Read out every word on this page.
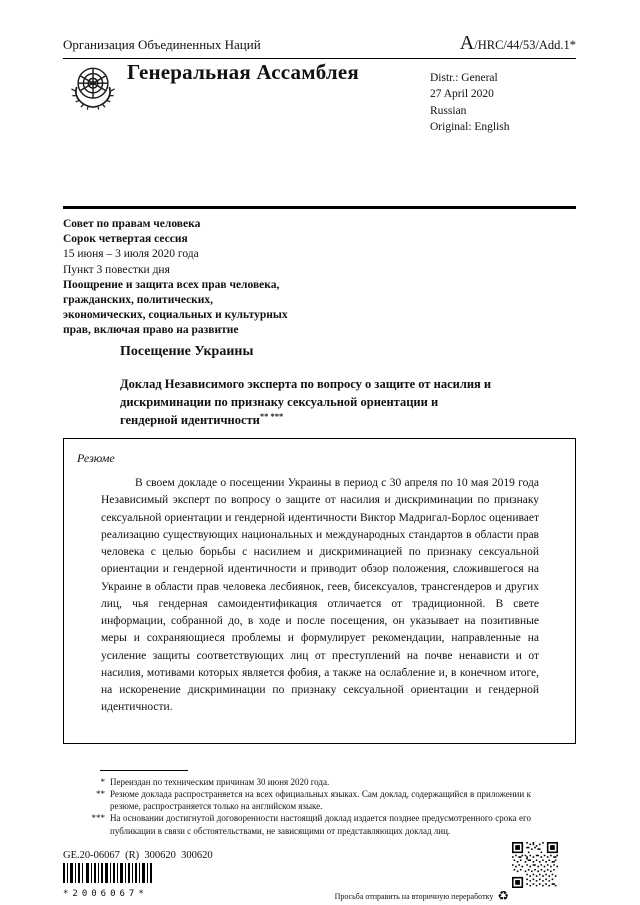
Организация Объединенных Наций	A/HRC/44/53/Add.1*
Генеральная Ассамблея	Distr.: General
27 April 2020
Russian
Original: English
Совет по правам человека
Сорок четвертая сессия
15 июня – 3 июля 2020 года
Пункт 3 повестки дня
Поощрение и защита всех прав человека, гражданских, политических, экономических, социальных и культурных прав, включая право на развитие
Посещение Украины
Доклад Независимого эксперта по вопросу о защите от насилия и дискриминации по признаку сексуальной ориентации и гендерной идентичности** ***
Резюме

В своем докладе о посещении Украины в период с 30 апреля по 10 мая 2019 года Независимый эксперт по вопросу о защите от насилия и дискриминации по признаку сексуальной ориентации и гендерной идентичности Виктор Мадригал-Борлос оценивает реализацию существующих национальных и международных стандартов в области прав человека с целью борьбы с насилием и дискриминацией по признаку сексуальной ориентации и гендерной идентичности и приводит обзор положения, сложившегося на Украине в области прав человека лесбиянок, геев, бисексуалов, трансгендеров и других лиц, чья гендерная самоидентификация отличается от традиционной. В свете информации, собранной до, в ходе и после посещения, он указывает на позитивные меры и сохраняющиеся проблемы и формулирует рекомендации, направленные на усиление защиты соответствующих лиц от преступлений на почве ненависти и от насилия, мотивами которых является фобия, а также на ослабление и, в конечном итоге, на искоренение дискриминации по признаку сексуальной ориентации и гендерной идентичности.

* Переиздан по техническим причинам 30 июня 2020 года.
** Резюме доклада распространяется на всех официальных языках. Сам доклад, содержащийся в приложении к резюме, распространяется только на английском языке.
*** На основании достигнутой договоренности настоящий доклад издается позднее предусмотренного срока его публикации в связи с обстоятельствами, не зависящими от представляющих доклад лиц.
GE.20-06067  (R)  300620  300620
*2006067*	Просьба отправить на вторичную переработку ♻
